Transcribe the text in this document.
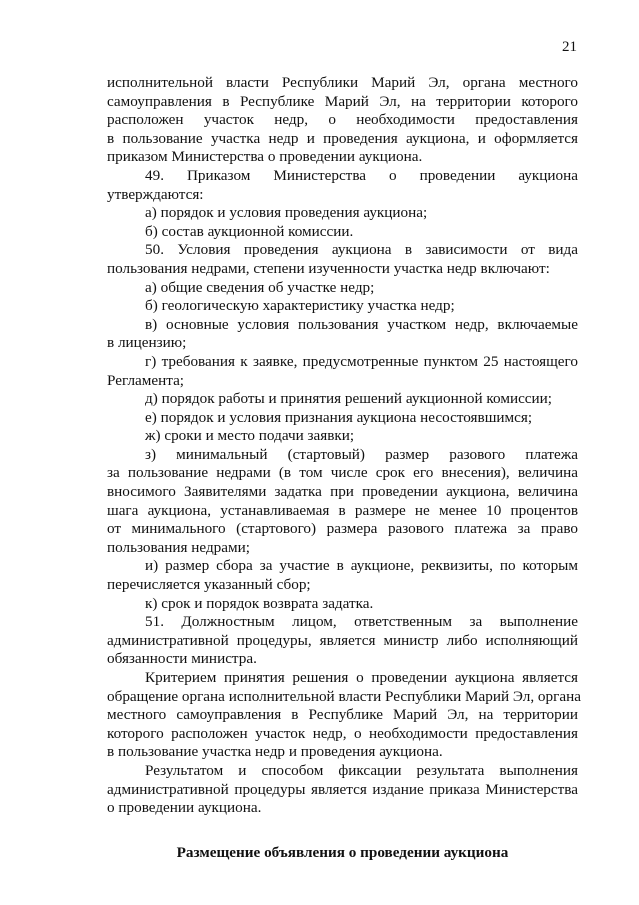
21
исполнительной власти Республики Марий Эл, органа местного
самоуправления в Республике Марий Эл, на территории которого
расположен участок недр, о необходимости предоставления
в пользование участка недр и проведения аукциона, и оформляется
приказом Министерства о проведении аукциона.
49. Приказом Министерства о проведении аукциона
утверждаются:
а) порядок и условия проведения аукциона;
б) состав аукционной комиссии.
50. Условия проведения аукциона в зависимости от вида
пользования недрами, степени изученности участка недр включают:
а) общие сведения об участке недр;
б) геологическую характеристику участка недр;
в) основные условия пользования участком недр, включаемые
в лицензию;
г) требования к заявке, предусмотренные пунктом 25 настоящего
Регламента;
д) порядок работы и принятия решений аукционной комиссии;
е) порядок и условия признания аукциона несостоявшимся;
ж) сроки и место подачи заявки;
з) минимальный (стартовый) размер разового платежа
за пользование недрами (в том числе срок его внесения), величина
вносимого Заявителями задатка при проведении аукциона, величина
шага аукциона, устанавливаемая в размере не менее 10 процентов
от минимального (стартового) размера разового платежа за право
пользования недрами;
и) размер сбора за участие в аукционе, реквизиты, по которым
перечисляется указанный сбор;
к) срок и порядок возврата задатка.
51. Должностным лицом, ответственным за выполнение
административной процедуры, является министр либо исполняющий
обязанности министра.
Критерием принятия решения о проведении аукциона является
обращение органа исполнительной власти Республики Марий Эл, органа
местного самоуправления в Республике Марий Эл, на территории
которого расположен участок недр, о необходимости предоставления
в пользование участка недр и проведения аукциона.
Результатом и способом фиксации результата выполнения
административной процедуры является издание приказа Министерства
о проведении аукциона.
Размещение объявления о проведении аукциона
